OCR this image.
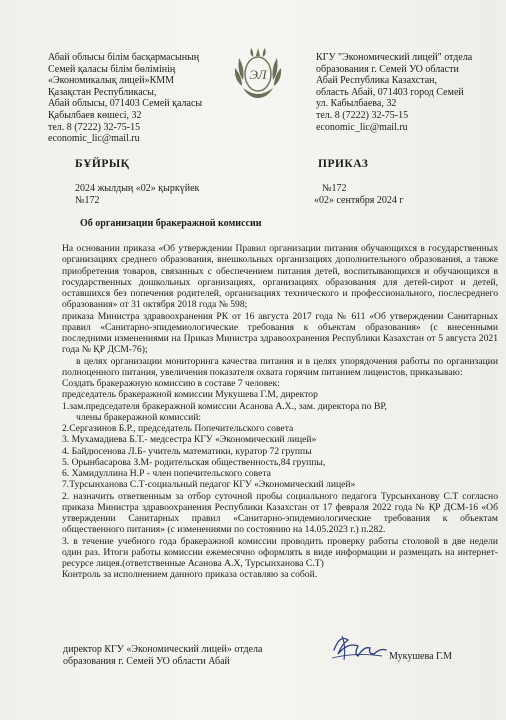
Абай облысы білім басқармасының
Семей қаласы білім бөлімінің
«Экономикалық лицей»КММ
Қазақстан Республикасы,
Абай облысы, 071403 Семей қаласы
Қабылбаев көшесі, 32
тел. 8 (7222) 32-75-15
economic_lic@mail.ru
ЭЛ
КГУ "Экономический лицей" отдела
образования г. Семей УО области
Абай Республика Казахстан,
область Абай, 071403 город Семей
ул. Кабылбаева, 32
тел. 8 (7222) 32-75-15
economic_lic@mail.ru
БҰЙРЫҚ	ПРИКАЗ
2024 жылдың «02» қыркүйек
№172
№172
«02» сентября 2024 г
Об организации бракеражной комиссии

На основании приказа «Об утверждении Правил организации питания обучающихся в государственных организациях среднего образования, внешкольных организациях дополнительного образования, а также приобретения товаров, связанных с обеспечением питания детей, воспитывающихся и обучающихся в государственных дошкольных организациях, организациях образования для детей-сирот и детей, оставшихся без попечения родителей, организациях технического и профессионального, послесреднего образования» от 31 октября 2018 года № 598;

приказа Министра здравоохранения РК от 16 августа 2017 года № 611 «Об утверждении Санитарных правил «Санитарно-эпидемиологические требования к объектам образования» (с внесенными последними изменениями на Приказ Министра здравоохранения Республики Казахстан от 5 августа 2021 года № ҚР ДСМ-76);

в целях организации мониторинга качества питания и в целях упорядочения работы по организации полноценного питания, увеличения показателя охвата горячим питанием лицеистов, приказываю:

Создать бракеражную комиссию в составе 7 человек:

председатель бракеражной комиссии Мукушева Г.М, директор

1.зам.председателя бракеражной комиссии Асанова А.Х., зам. директора по ВР,

члены бракеражной комиссий:

2.Сергазинов Б.Р., председатель Попечительского совета

3. Мухамадиева Б.Т.- медсестра КГУ «Экономический лицей»

4. Байдюсенова Л.Б- учитель математики, куратор 72 группы

5. Орынбасарова З.М- родительская общественность,84 группы,

6. Хамидуллина Н.Р - член попечительского совета

7.Турсынханова С.Т-социальный педагог КГУ «Экономический лицей»

2. назначить ответвенным за отбор суточной пробы социального педагога Турсынханову С.Т согласно приказа Министра здравоохранения Республики Казахстан от 17 февраля 2022 года № ҚР ДСМ-16 «Об утверждении Санитарных правил «Санитарно-эпидемиологические требования к объектам общественного питания» (с изменениями по состоянию на 14.05.2023 г.) п.282.

3. в течение учебного года бракеражной комиссии проводить проверку работы столовой в две недели один раз. Итоги работы комиссии ежемесячно оформлять в виде информации и размещать на интернет-ресурсе лицея.(ответственные Асанова А.Х, Турсынханова С.Т)

Контроль за исполнением данного приказа оставляю за собой.

директор КГУ «Экономический лицей» отдела
образования г. Семей УО области Абай	Мукушева Г.М
